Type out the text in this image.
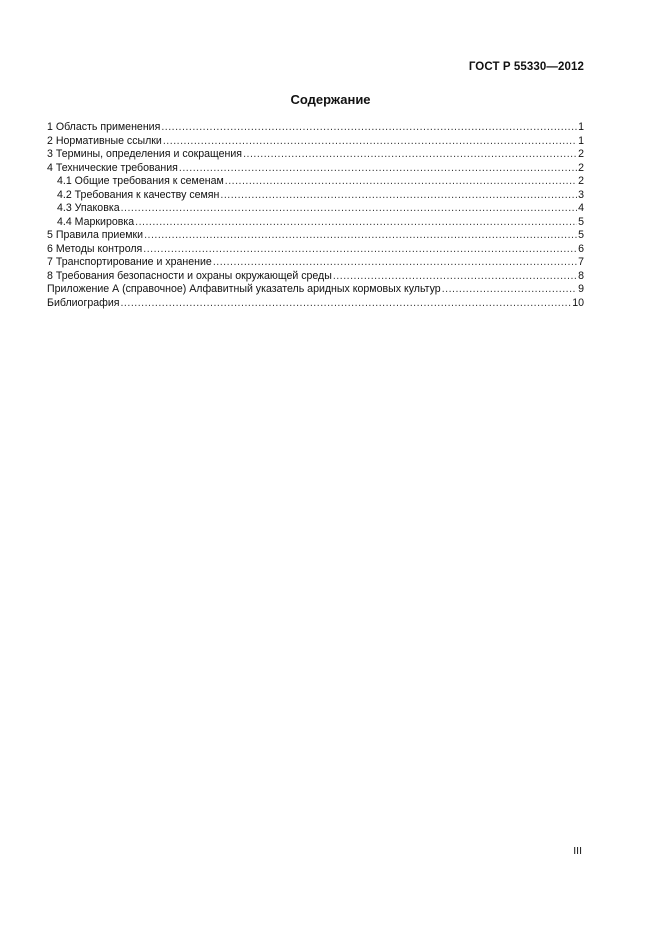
ГОСТ Р 55330—2012
Содержание
1 Область применения .....	1
2 Нормативные ссылки .....	1
3 Термины, определения и сокращения .....	2
4 Технические требования .....	2
4.1 Общие требования к семенам .....	2
4.2 Требования к качеству семян .....	3
4.3 Упаковка .....	4
4.4 Маркировка .....	5
5 Правила приемки .....	5
6 Методы контроля .....	6
7 Транспортирование и хранение .....	7
8 Требования безопасности и охраны окружающей среды .....	8
Приложение А (справочное) Алфавитный указатель аридных кормовых культур .....	9
Библиография .....	10
III
